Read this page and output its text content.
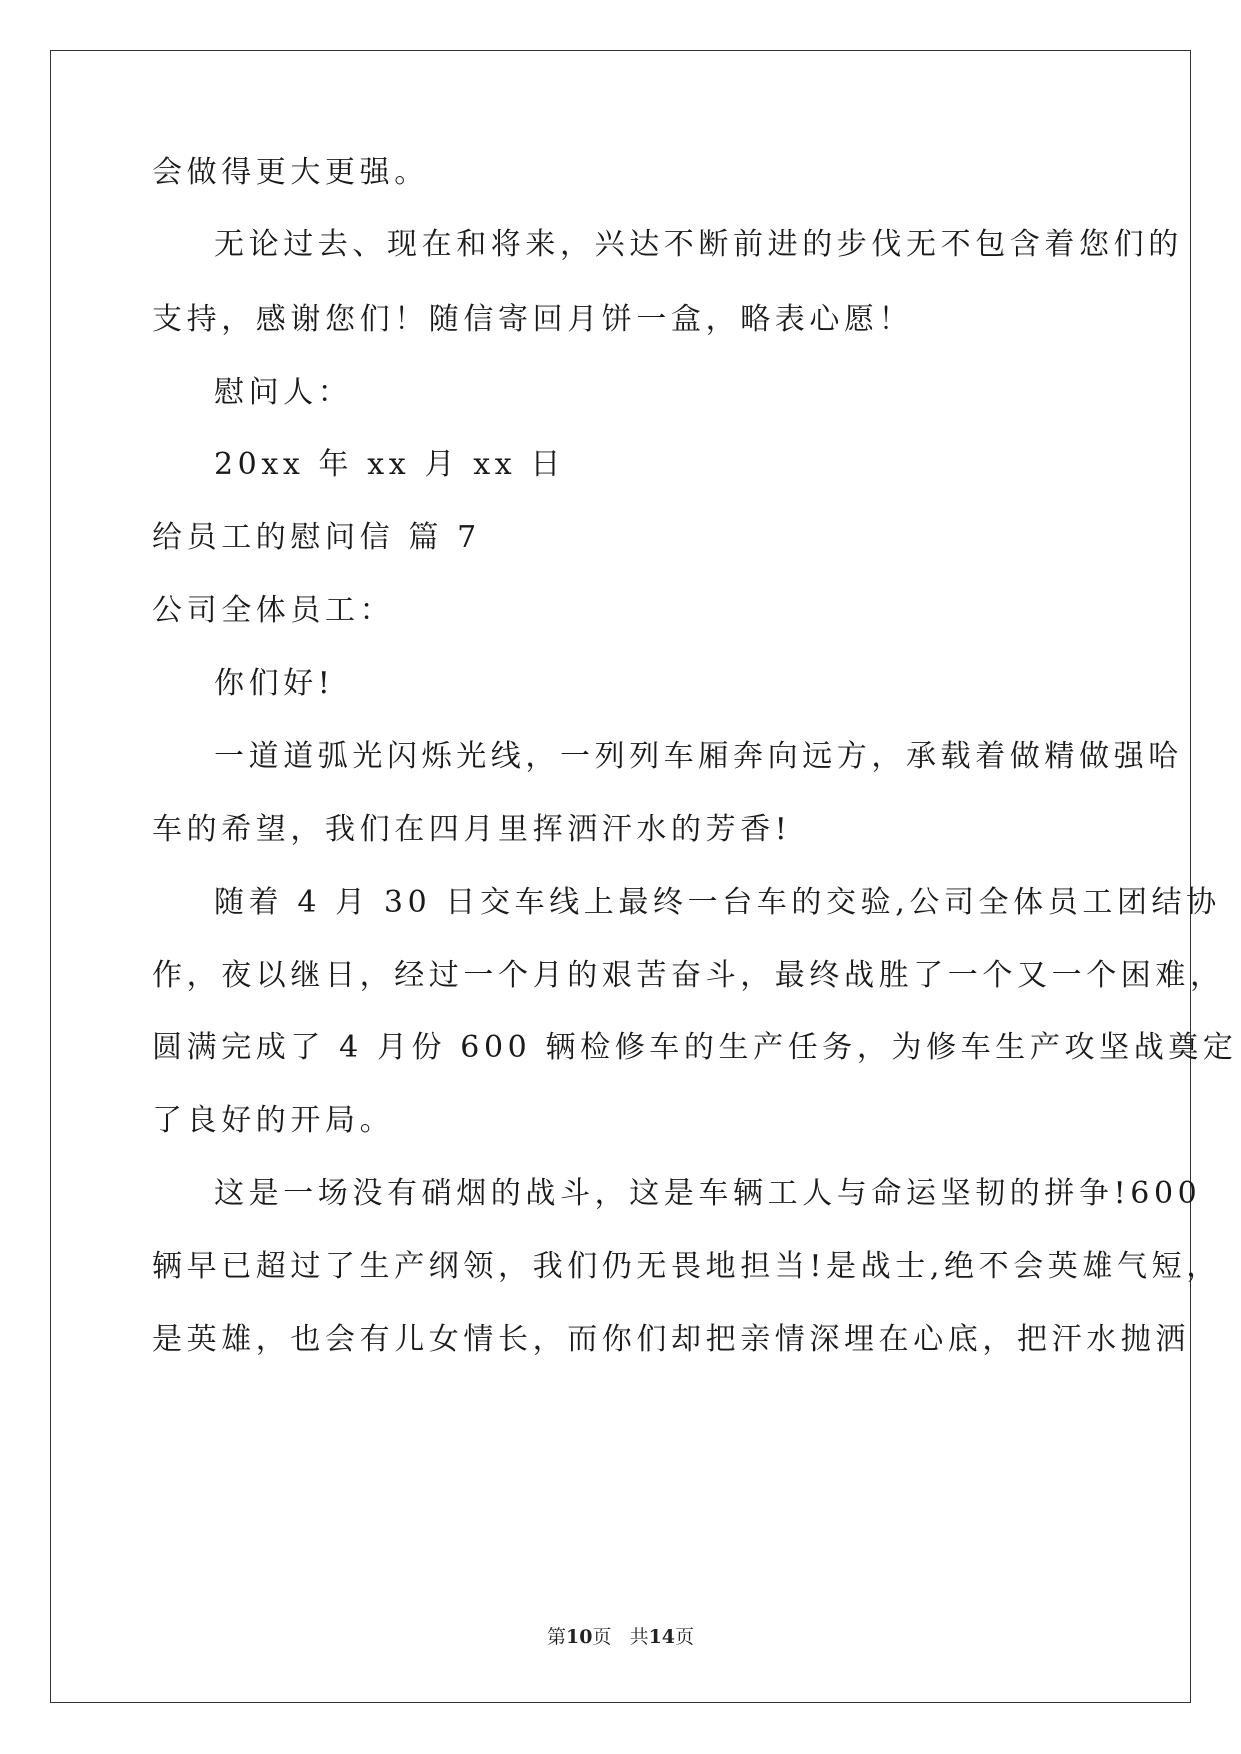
会做得更大更强。
无论过去、现在和将来，兴达不断前进的步伐无不包含着您们的
支持，感谢您们！随信寄回月饼一盒，略表心愿！
慰问人：
20xx 年 xx 月 xx 日
给员工的慰问信 篇 7
公司全体员工：
你们好!
一道道弧光闪烁光线，一列列车厢奔向远方，承载着做精做强哈
车的希望，我们在四月里挥洒汗水的芳香!
随着 4 月 30 日交车线上最终一台车的交验,公司全体员工团结协
作，夜以继日，经过一个月的艰苦奋斗，最终战胜了一个又一个困难，
圆满完成了 4 月份 600 辆检修车的生产任务，为修车生产攻坚战奠定
了良好的开局。
这是一场没有硝烟的战斗，这是车辆工人与命运坚韧的拼争!600
辆早已超过了生产纲领，我们仍无畏地担当!是战士,绝不会英雄气短，
是英雄，也会有儿女情长，而你们却把亲情深埋在心底，把汗水抛洒
第10页 共14页
